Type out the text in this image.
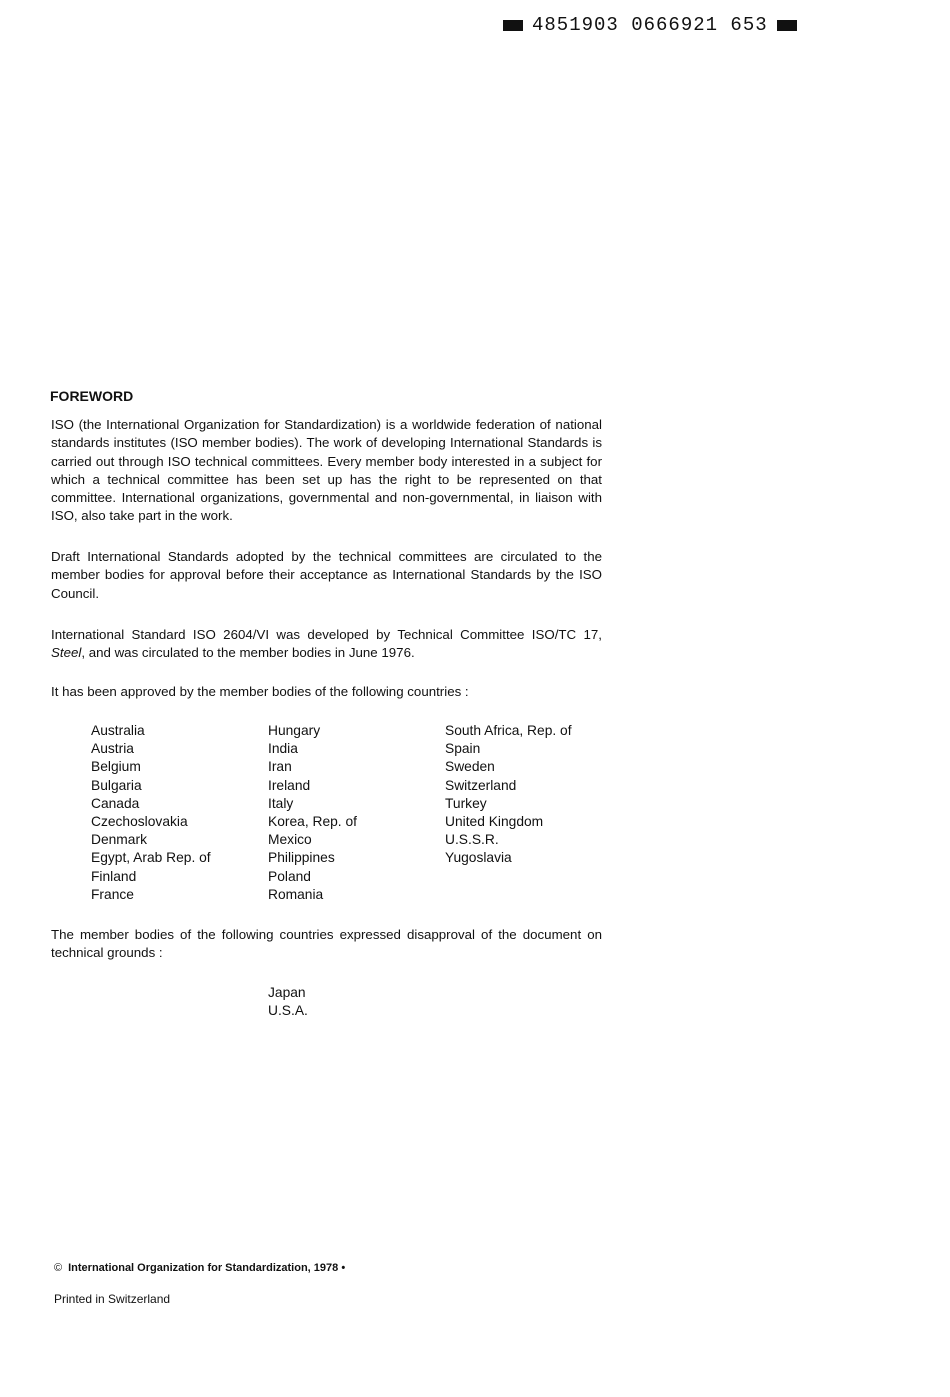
4851903 0666921 653
FOREWORD

ISO (the International Organization for Standardization) is a worldwide federation of national standards institutes (ISO member bodies). The work of developing International Standards is carried out through ISO technical committees. Every member body interested in a subject for which a technical committee has been set up has the right to be represented on that committee. International organizations, governmental and non-governmental, in liaison with ISO, also take part in the work.

Draft International Standards adopted by the technical committees are circulated to the member bodies for approval before their acceptance as International Standards by the ISO Council.

International Standard ISO 2604/VI was developed by Technical Committee ISO/TC 17, Steel, and was circulated to the member bodies in June 1976.

It has been approved by the member bodies of the following countries :

Australia
Austria
Belgium
Bulgaria
Canada
Czechoslovakia
Denmark
Egypt, Arab Rep. of
Finland
France
Hungary
India
Iran
Ireland
Italy
Korea, Rep. of
Mexico
Philippines
Poland
Romania
South Africa, Rep. of
Spain
Sweden
Switzerland
Turkey
United Kingdom
U.S.S.R.
Yugoslavia

The member bodies of the following countries expressed disapproval of the document on technical grounds :

Japan
U.S.A.
© International Organization for Standardization, 1978 •
Printed in Switzerland
